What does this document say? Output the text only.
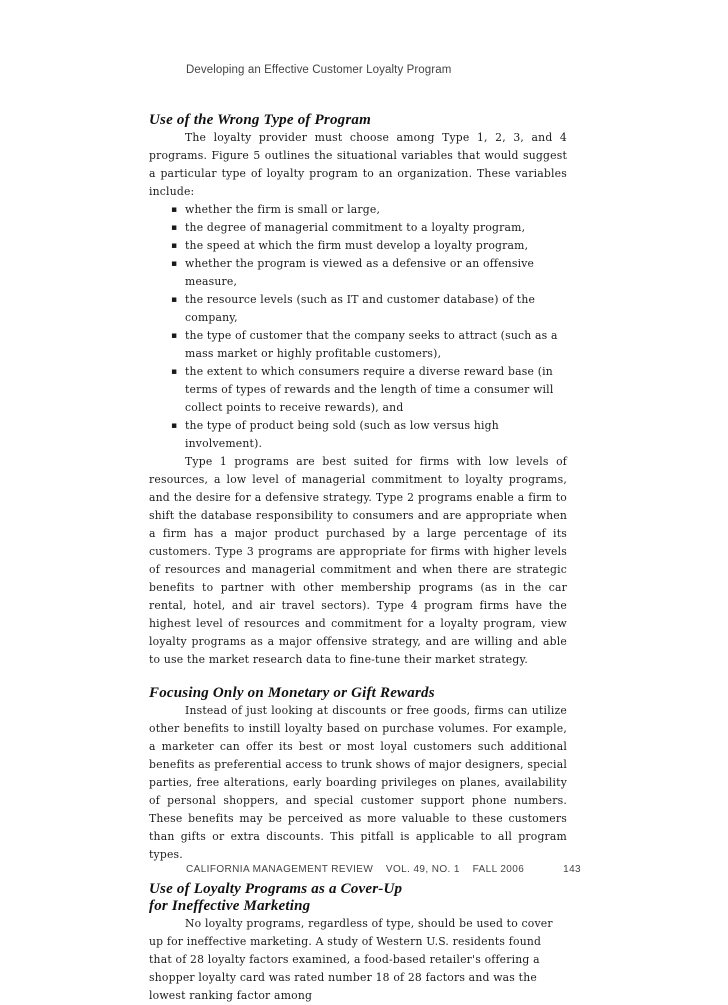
Developing an Effective Customer Loyalty Program
Use of the Wrong Type of Program

The loyalty provider must choose among Type 1, 2, 3, and 4 programs. Figure 5 outlines the situational variables that would suggest a particular type of loyalty program to an organization. These variables include:

▪ whether the firm is small or large,
▪ the degree of managerial commitment to a loyalty program,
▪ the speed at which the firm must develop a loyalty program,
▪ whether the program is viewed as a defensive or an offensive measure,
▪ the resource levels (such as IT and customer database) of the company,
▪ the type of customer that the company seeks to attract (such as a mass market or highly profitable customers),
▪ the extent to which consumers require a diverse reward base (in terms of types of rewards and the length of time a consumer will collect points to receive rewards), and
▪ the type of product being sold (such as low versus high involvement).

Type 1 programs are best suited for firms with low levels of resources, a low level of managerial commitment to loyalty programs, and the desire for a defensive strategy. Type 2 programs enable a firm to shift the database responsibility to consumers and are appropriate when a firm has a major product purchased by a large percentage of its customers. Type 3 programs are appropriate for firms with higher levels of resources and managerial commitment and when there are strategic benefits to partner with other membership programs (as in the car rental, hotel, and air travel sectors). Type 4 program firms have the highest level of resources and commitment for a loyalty program, view loyalty programs as a major offensive strategy, and are willing and able to use the market research data to fine-tune their market strategy.

Focusing Only on Monetary or Gift Rewards

Instead of just looking at discounts or free goods, firms can utilize other benefits to instill loyalty based on purchase volumes. For example, a marketer can offer its best or most loyal customers such additional benefits as preferential access to trunk shows of major designers, special parties, free alterations, early boarding privileges on planes, availability of personal shoppers, and special customer support phone numbers. These benefits may be perceived as more valuable to these customers than gifts or extra discounts. This pitfall is applicable to all program types.

Use of Loyalty Programs as a Cover-Up
for Ineffective Marketing

No loyalty programs, regardless of type, should be used to cover up for ineffective marketing. A study of Western U.S. residents found that of 28 loyalty factors examined, a food-based retailer's offering a shopper loyalty card was rated number 18 of 28 factors and was the lowest ranking factor among

CALIFORNIA MANAGEMENT REVIEW VOL. 49, NO. 1 FALL 2006	143
